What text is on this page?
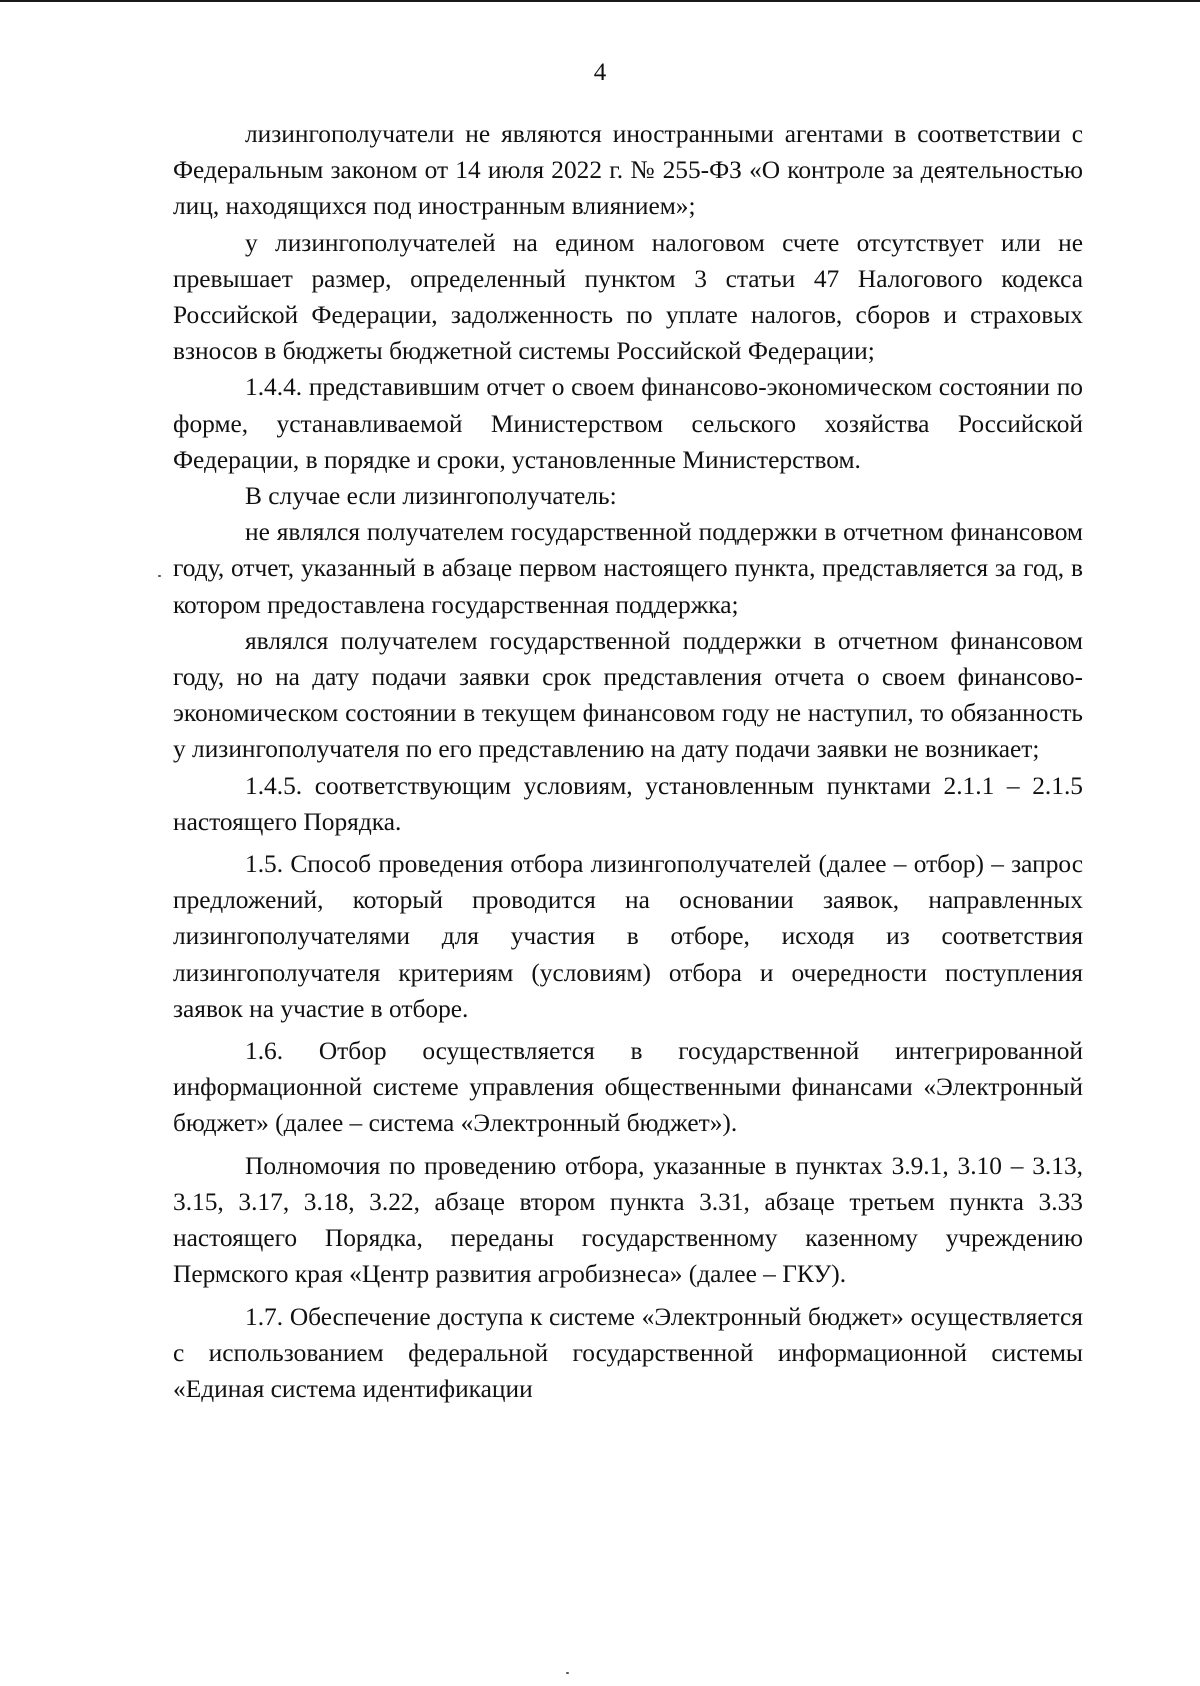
4

лизингополучатели не являются иностранными агентами в соответствии с Федеральным законом от 14 июля 2022 г. № 255-ФЗ «О контроле за деятельностью лиц, находящихся под иностранным влиянием»;

у лизингополучателей на едином налоговом счете отсутствует или не превышает размер, определенный пунктом 3 статьи 47 Налогового кодекса Российской Федерации, задолженность по уплате налогов, сборов и страховых взносов в бюджеты бюджетной системы Российской Федерации;

1.4.4. представившим отчет о своем финансово-экономическом состоянии по форме, устанавливаемой Министерством сельского хозяйства Российской Федерации, в порядке и сроки, установленные Министерством.

В случае если лизингополучатель:

не являлся получателем государственной поддержки в отчетном финансовом году, отчет, указанный в абзаце первом настоящего пункта, представляется за год, в котором предоставлена государственная поддержка;

являлся получателем государственной поддержки в отчетном финансовом году, но на дату подачи заявки срок представления отчета о своем финансово-экономическом состоянии в текущем финансовом году не наступил, то обязанность у лизингополучателя по его представлению на дату подачи заявки не возникает;

1.4.5. соответствующим условиям, установленным пунктами 2.1.1 – 2.1.5 настоящего Порядка.

1.5. Способ проведения отбора лизингополучателей (далее – отбор) – запрос предложений, который проводится на основании заявок, направленных лизингополучателями для участия в отборе, исходя из соответствия лизингополучателя критериям (условиям) отбора и очередности поступления заявок на участие в отборе.

1.6. Отбор осуществляется в государственной интегрированной информационной системе управления общественными финансами «Электронный бюджет» (далее – система «Электронный бюджет»).

Полномочия по проведению отбора, указанные в пунктах 3.9.1, 3.10 – 3.13, 3.15, 3.17, 3.18, 3.22, абзаце втором пункта 3.31, абзаце третьем пункта 3.33 настоящего Порядка, переданы государственному казенному учреждению Пермского края «Центр развития агробизнеса» (далее – ГКУ).

1.7. Обеспечение доступа к системе «Электронный бюджет» осуществляется с использованием федеральной государственной информационной системы «Единая система идентификации
